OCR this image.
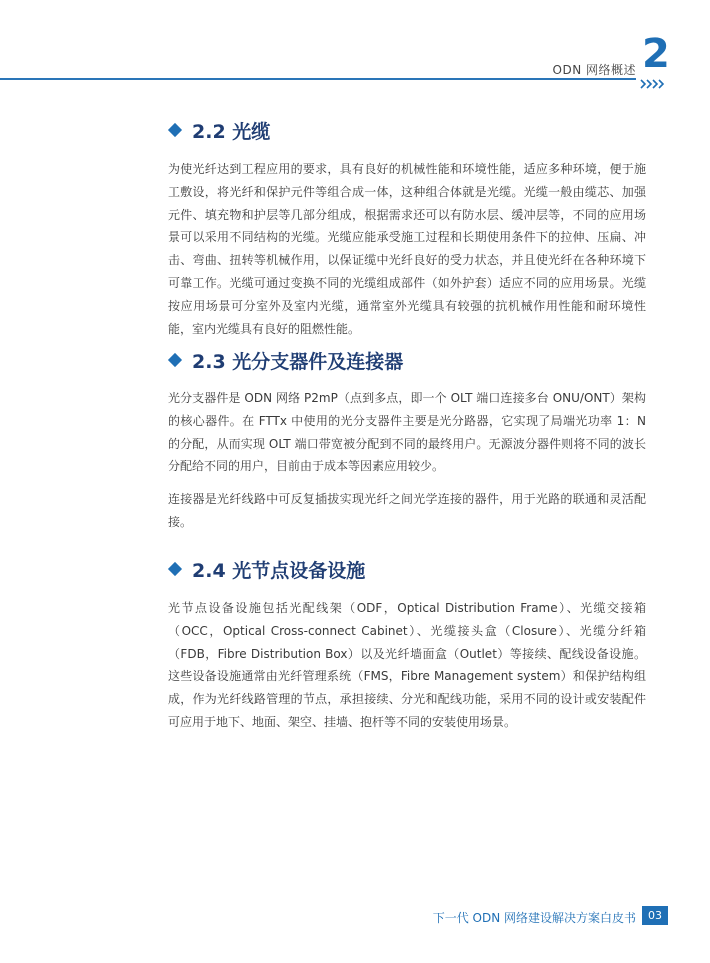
ODN 网络概述 2
2.2 光缆

为使光纤达到工程应用的要求，具有良好的机械性能和环境性能，适应多种环境，便于施工敷设，将光纤和保护元件等组合成一体，这种组合体就是光缆。光缆一般由缆芯、加强元件、填充物和护层等几部分组成，根据需求还可以有防水层、缓冲层等，不同的应用场景可以采用不同结构的光缆。光缆应能承受施工过程和长期使用条件下的拉伸、压扁、冲击、弯曲、扭转等机械作用，以保证缆中光纤良好的受力状态，并且使光纤在各种环境下可靠工作。光缆可通过变换不同的光缆组成部件（如外护套）适应不同的应用场景。光缆按应用场景可分室外及室内光缆，通常室外光缆具有较强的抗机械作用性能和耐环境性能，室内光缆具有良好的阻燃性能。

2.3 光分支器件及连接器

光分支器件是 ODN 网络 P2mP（点到多点，即一个 OLT 端口连接多台 ONU/ONT）架构的核心器件。在 FTTx 中使用的光分支器件主要是光分路器，它实现了局端光功率 1：N 的分配，从而实现 OLT 端口带宽被分配到不同的最终用户。无源波分器件则将不同的波长分配给不同的用户，目前由于成本等因素应用较少。

连接器是光纤线路中可反复插拔实现光纤之间光学连接的器件，用于光路的联通和灵活配接。

2.4 光节点设备设施

光节点设备设施包括光配线架（ODF，Optical Distribution Frame）、光缆交接箱（OCC，Optical Cross-connect Cabinet）、光缆接头盒（Closure）、光缆分纤箱（FDB，Fibre Distribution Box）以及光纤墙面盒（Outlet）等接续、配线设备设施。这些设备设施通常由光纤管理系统（FMS，Fibre Management system）和保护结构组成，作为光纤线路管理的节点，承担接续、分光和配线功能，采用不同的设计或安装配件可应用于地下、地面、架空、挂墙、抱杆等不同的安装使用场景。

下一代 ODN 网络建设解决方案白皮书	03
